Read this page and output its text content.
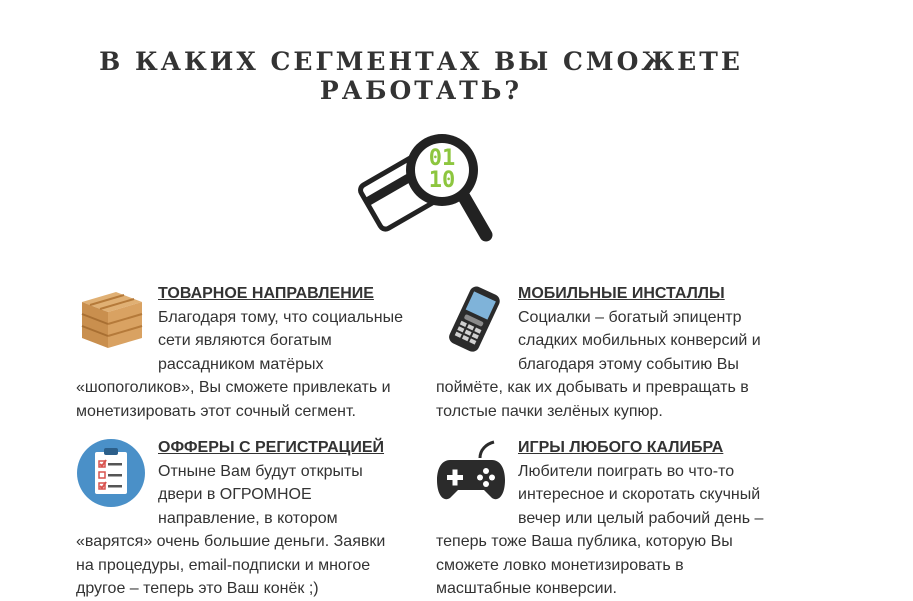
В КАКИХ СЕГМЕНТАХ ВЫ СМОЖЕТЕ
РАБОТАТЬ?
01
10
ТОВАРНОЕ НАПРАВЛЕНИЕ
Благодаря тому, что социальные сети являются богатым рассадником матёрых «шопоголиков», Вы сможете привлекать и монетизировать этот сочный сегмент.
МОБИЛЬНЫЕ ИНСТАЛЛЫ
Социалки – богатый эпицентр сладких мобильных конверсий и благодаря этому событию Вы поймёте, как их добывать и превращать в толстые пачки зелёных купюр.
ОФФЕРЫ С РЕГИСТРАЦИЕЙ
Отныне Вам будут открыты двери в ОГРОМНОЕ направление, в котором «варятся» очень большие деньги. Заявки на процедуры, email-подписки и многое другое – теперь это Ваш конёк ;)
ИГРЫ ЛЮБОГО КАЛИБРА
Любители поиграть во что-то интересное и скоротать скучный вечер или целый рабочий день – теперь тоже Ваша публика, которую Вы сможете ловко монетизировать в масштабные конверсии.
